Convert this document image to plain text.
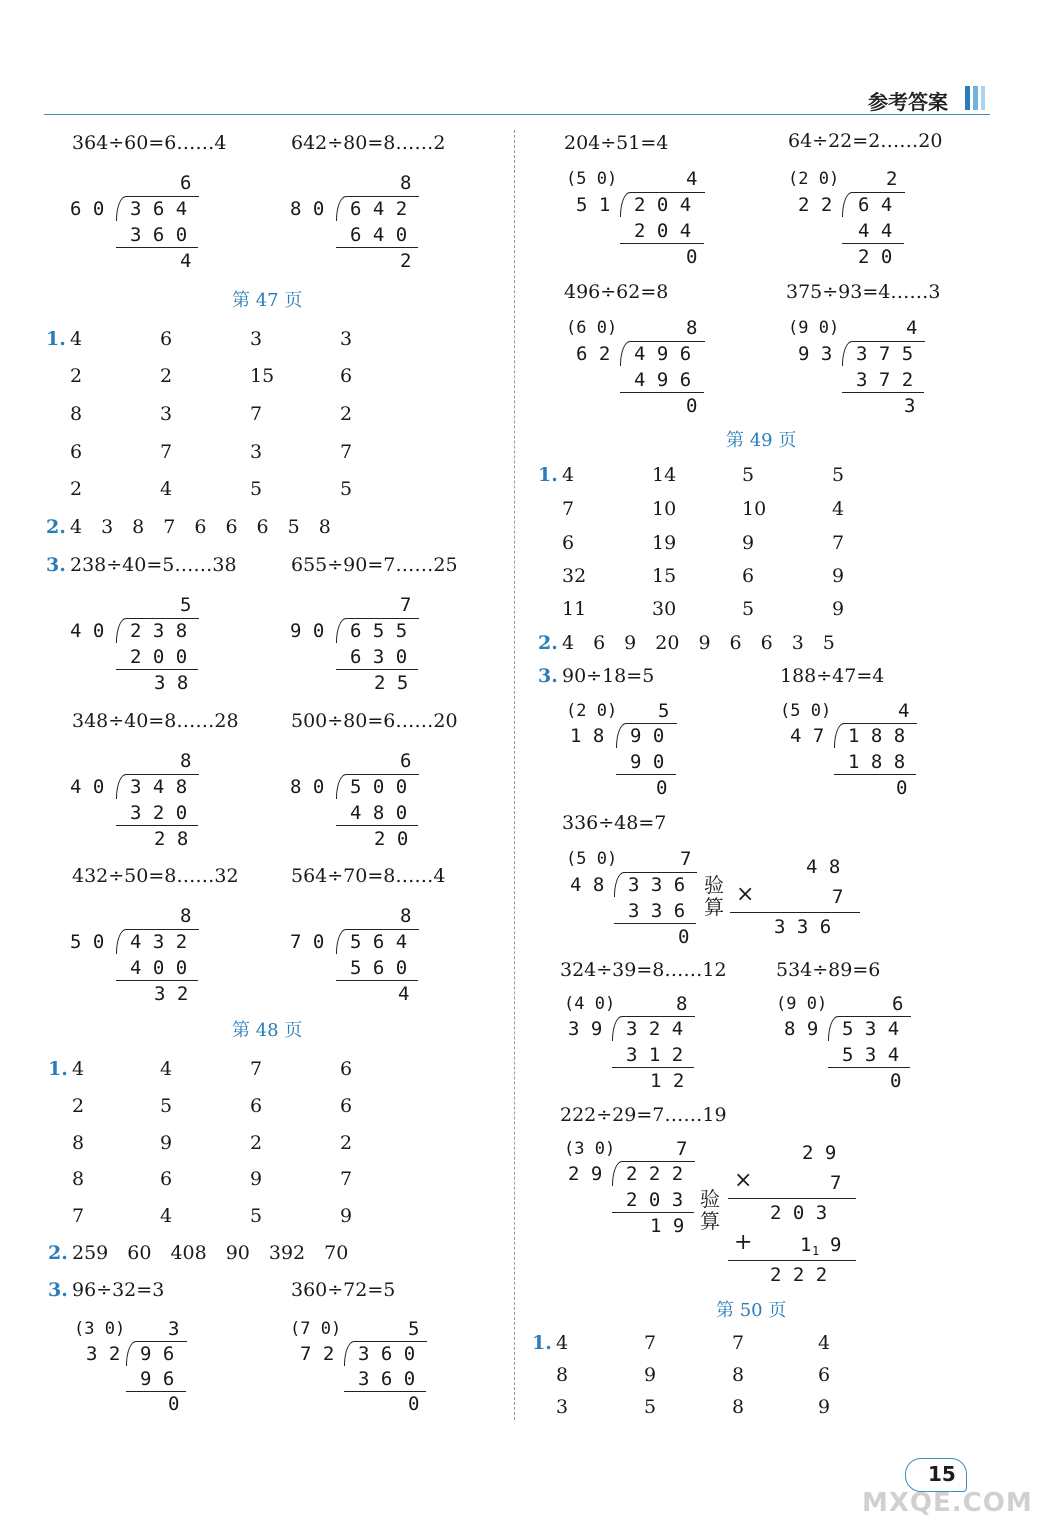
参考答案
364÷60=6……4	642÷80=8……2
6
6 0 3 6 4
3 6 0
4
8
8 0 6 4 2
6 4 0
2
第 47 页
1. 4	6	3	3
2	2	15	6
8	3	7	2
6	7	3	7
2	4	5	5
2. 4　3　8　7　6　6　6　5　8
3. 238÷40=5……38	655÷90=7……25
5
4 0 2 3 8
2 0 0
3 8
7
9 0 6 5 5
6 3 0
2 5
348÷40=8……28	500÷80=6……20
8
4 0 3 4 8
3 2 0
2 8
6
8 0 5 0 0
4 8 0
2 0
432÷50=8……32	564÷70=8……4
8
5 0 4 3 2
4 0 0
3 2
8
7 0 5 6 4
5 6 0
4
第 48 页
1. 4	4	7	6
2	5	6	6
8	9	2	2
8	6	9	7
7	4	5	9
2. 259　60　408　90　392　70
3. 96÷32=3	360÷72=5
(3 0) 3
3 2 9 6
9 6
0
(7 0)	5
7 2 3 6 0
3 6 0
0
204÷51=4	64÷22=2……20
(5 0)	4
5 1 2 0 4
2 0 4
0
(2 0) 2
2 2 6 4
4 4
2 0
496÷62=8	375÷93=4……3
(6 0)	8
6 2 4 9 6
4 9 6
0
(9 0)	4
9 3 3 7 5
3 7 2
3
第 49 页
1. 4	14	5	5
7	10	10	4
6	19	9	7
32	15	6	9
11	30	5	9
2. 4　6　9　20　9　6　6　3　5
3. 90÷18=5	188÷47=4
(2 0) 5
1 8 9 0
9 0
0
(5 0)	4
4 7 1 8 8
1 8 8
0
336÷48=7
(5 0)	7
4 8 3 3 6
3 3 6
0
验算
4 8
×	7
3 3 6
324÷39=8……12	534÷89=6
(4 0)	8
3 9 3 2 4
3 1 2
1 2
(9 0)	6
8 9 5 3 4
5 3 4
0
222÷29=7……19
(3 0)	7
2 9 2 2 2
2 0 3
1 9
验算
2 9
×	7
2 0 3
+	1 1 9
2 2 2
第 50 页
1. 4	7	7	4
8	9	8	6
3	5	8	9
15
MXQE.COM
